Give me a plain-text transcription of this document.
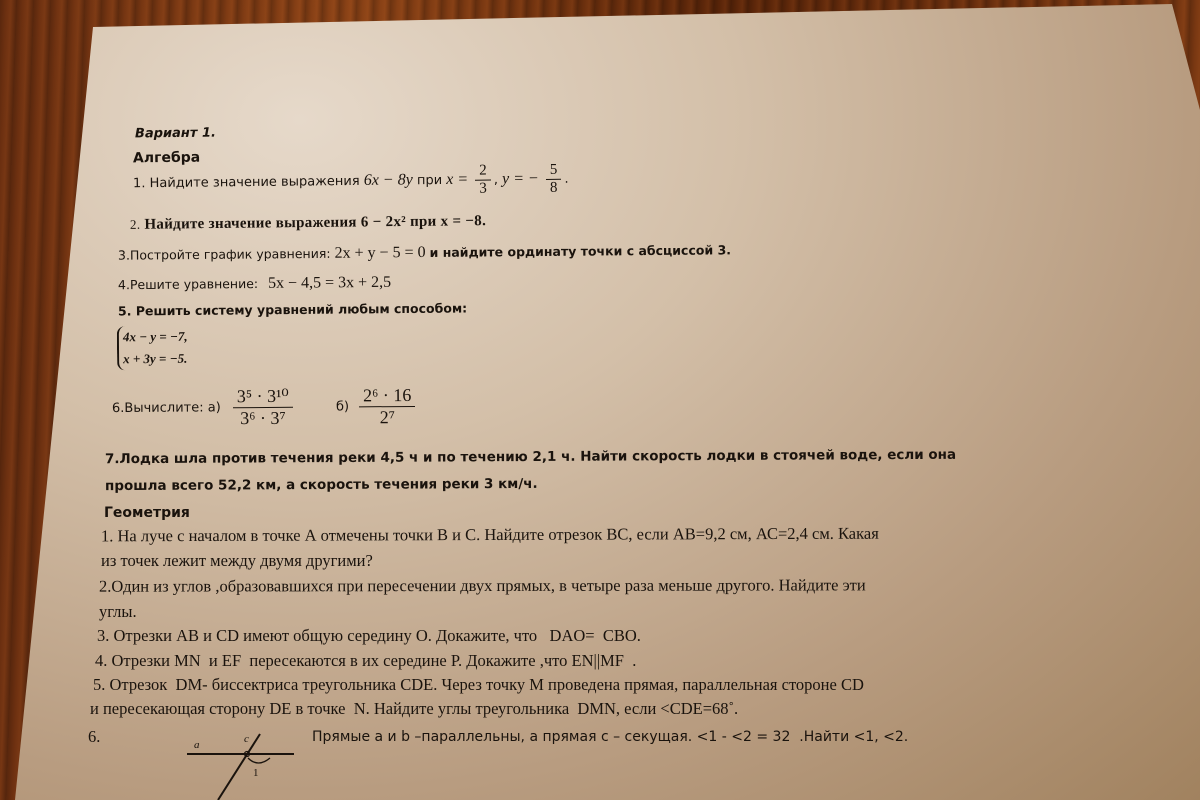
Вариант 1.
Алгебра
1. Найдите значение выражения 6x − 8y при $x = \frac{2}{3}$ , y = − $\frac{5}{8}$ .
2. Найдите значение выражения 6 − 2x² при x = −8.
3.Постройте график уравнения: 2x + y − 5 = 0 и найдите ординату точки с абсциссой 3.
4.Решите уравнение: 5x − 4,5 = 3x + 2,5
5. Решить систему уравнений любым способом:
4x − y = −7,
x + 3y = −5.
6.Вычислите: $а) \frac{\text{3⁵ · 3¹⁰}}{\text{3⁶ · 3⁷}}$	$б) \frac{\text{2⁶ · 16}}{\text{2⁷}}$
7.Лодка шла против течения реки 4,5 ч и по течению 2,1 ч. Найти скорость лодки в стоячей воде, если она
прошла всего 52,2 км, а скорость течения реки 3 км/ч.
Геометрия
1. На луче с началом в точке А отмечены точки В и С. Найдите отрезок ВС, если АВ=9,2 см, АС=2,4 см. Какая
из точек лежит между двумя другими?
2.Один из углов ,образовавшихся при пересечении двух прямых, в четыре раза меньше другого. Найдите эти
углы.
3. Отрезки АВ и CD имеют общую середину О. Докажите, что   DAO=  CBO.
4. Отрезки MN  и EF  пересекаются в их середине Р. Докажите ,что EN||MF  .
5. Отрезок  DM- биссектриса треугольника CDE. Через точку М проведена прямая, параллельная стороне CD
и пересекающая сторону DE в точке  N. Найдите углы треугольника  DMN, если <CDE=68˚.
6.	Прямые a и b –параллельны, а прямая c – секущая. <1 - <2 = 32  .Найти <1, <2.
a	c
1
